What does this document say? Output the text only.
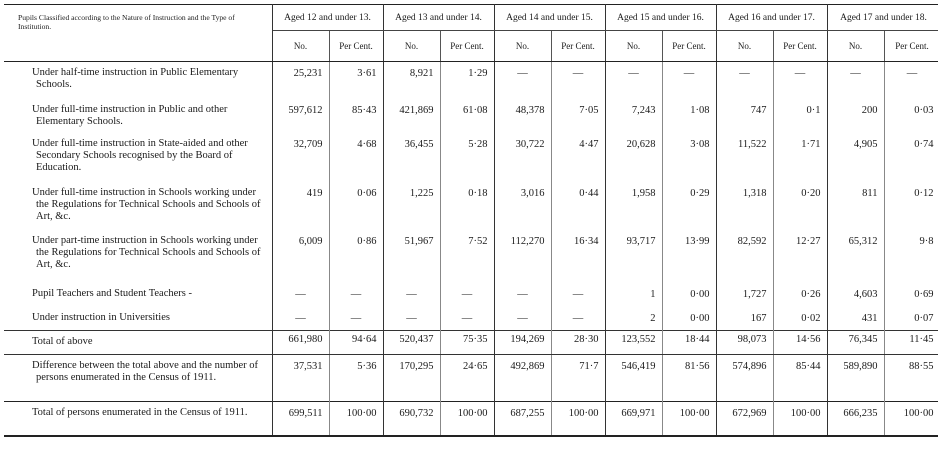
Pupils Classified according to the Nature of Instruction and the Type of Institution.	Aged 12 and under 13.		Aged 13 and under 14.		Aged 14 and under 15.		Aged 15 and under 16.		Aged 16 and under 17.		Aged 17 and under 18.	
	No.	Per Cent.	No.	Per Cent.	No.	Per Cent.	No.	Per Cent.	No.	Per Cent.	No.	Per Cent.

Under half-time instruction in Public Elementary Schools.	25,231	3·61	8,921	1·29	—	—	—	—	—	—	—	—

Under full-time instruction in Public and other Elementary Schools.	597,612	85·43	421,869	61·08	48,378	7·05	7,243	1·08	747	0·1	200	0·03

Under full-time instruction in State-aided and other Secondary Schools recognised by the Board of Education.	32,709	4·68	36,455	5·28	30,722	4·47	20,628	3·08	11,522	1·71	4,905	0·74

Under full-time instruction in Schools working under the Regulations for Technical Schools and Schools of Art, &c.	419	0·06	1,225	0·18	3,016	0·44	1,958	0·29	1,318	0·20	811	0·12

Under part-time instruction in Schools working under the Regulations for Technical Schools and Schools of Art, &c.	6,009	0·86	51,967	7·52	112,270	16·34	93,717	13·99	82,592	12·27	65,312	9·8

Pupil Teachers and Student Teachers -	—	—	—	—	—	—	1	0·00	1,727	0·26	4,603	0·69

Under instruction in Universities	—	—	—	—	—	—	2	0·00	167	0·02	431	0·07

Total of above	661,980	94·64	520,437	75·35	194,269	28·30	123,552	18·44	98,073	14·56	76,345	11·45

Difference between the total above and the number of persons enumerated in the Census of 1911.	37,531	5·36	170,295	24·65	492,869	71·7	546,419	81·56	574,896	85·44	589,890	88·55

Total of persons enumerated in the Census of 1911.	699,511	100·00	690,732	100·00	687,255	100·00	669,971	100·00	672,969	100·00	666,235	100·00
